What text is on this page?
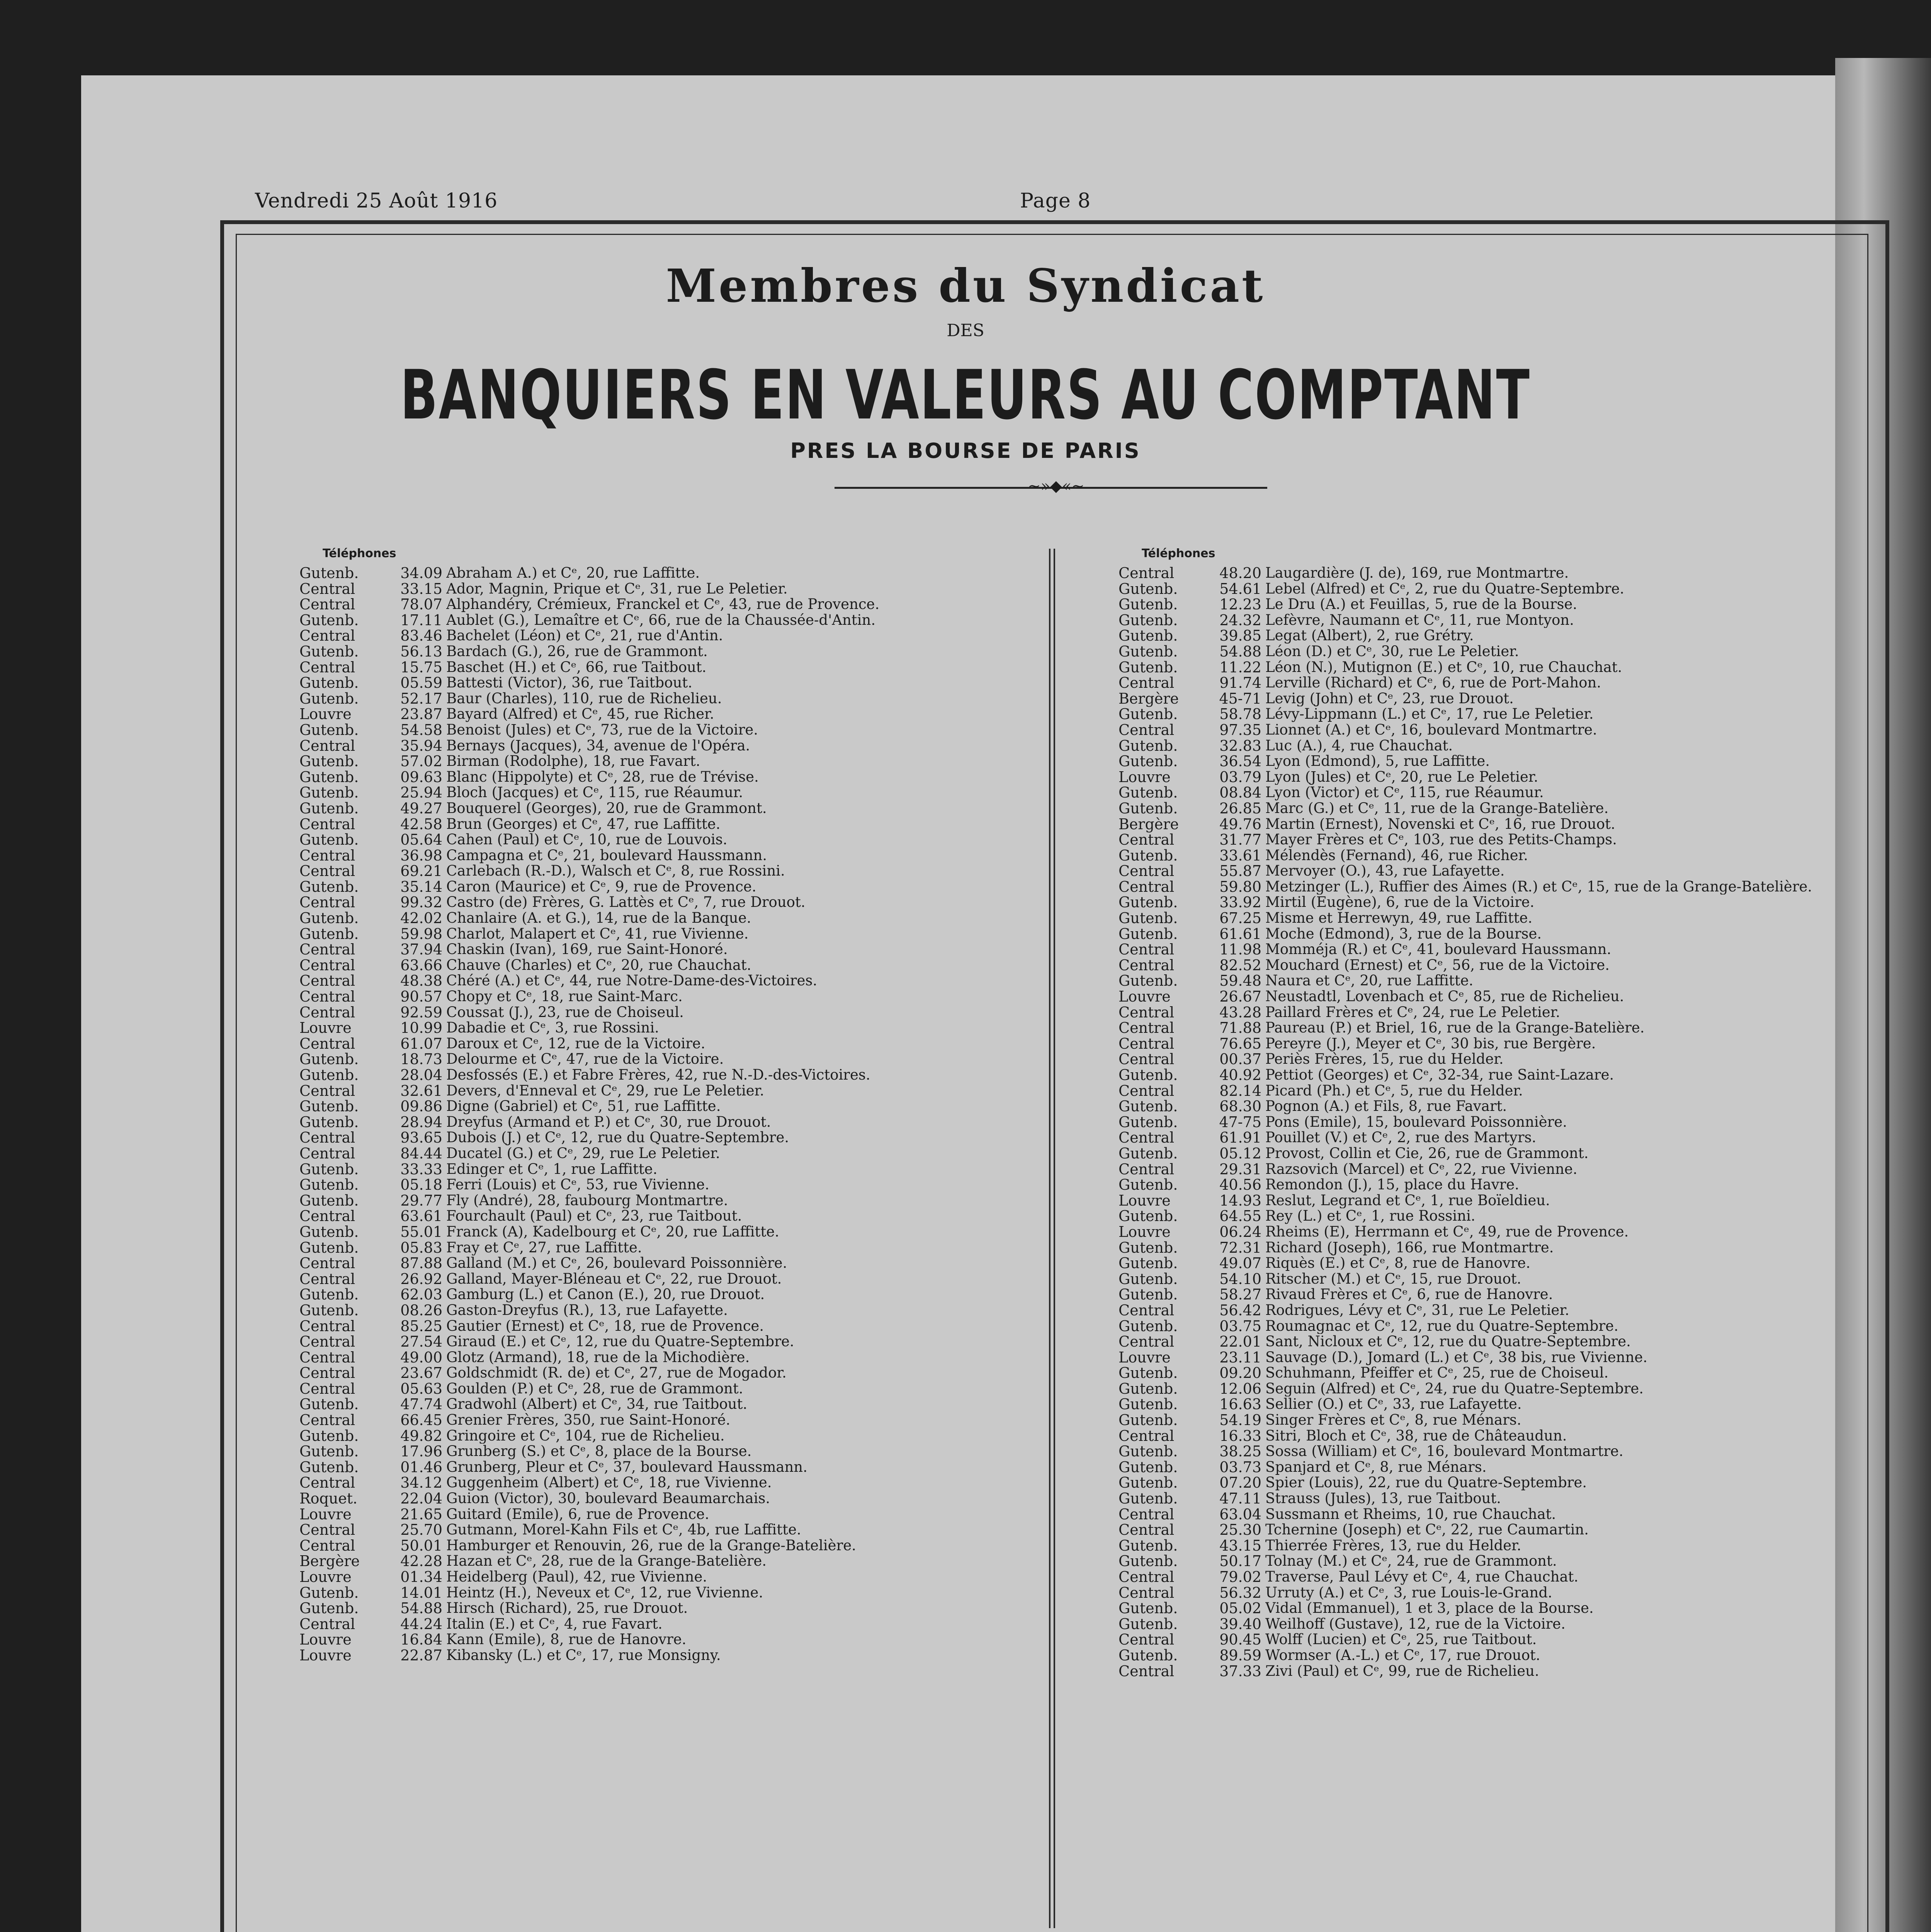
Vendredi 25 Août 1916	Page 8
Membres du Syndicat
DES
BANQUIERS EN VALEURS AU COMPTANT
PRES LA BOURSE DE PARIS
~»◆«~
Téléphones
Gutenb.	34.09 Abraham A.) et Cᵉ, 20, rue Laffitte.
Central	33.15 Ador, Magnin, Prique et Cᵉ, 31, rue Le Peletier.
Central	78.07 Alphandéry, Crémieux, Franckel et Cᵉ, 43, rue de Provence.
Gutenb.	17.11 Aublet (G.), Lemaître et Cᵉ, 66, rue de la Chaussée-d'Antin.
Central	83.46 Bachelet (Léon) et Cᵉ, 21, rue d'Antin.
Gutenb.	56.13 Bardach (G.), 26, rue de Grammont.
Central	15.75 Baschet (H.) et Cᵉ, 66, rue Taitbout.
Gutenb.	05.59 Battesti (Victor), 36, rue Taitbout.
Gutenb.	52.17 Baur (Charles), 110, rue de Richelieu.
Louvre	23.87 Bayard (Alfred) et Cᵉ, 45, rue Richer.
Gutenb.	54.58 Benoist (Jules) et Cᵉ, 73, rue de la Victoire.
Central	35.94 Bernays (Jacques), 34, avenue de l'Opéra.
Gutenb.	57.02 Birman (Rodolphe), 18, rue Favart.
Gutenb.	09.63 Blanc (Hippolyte) et Cᵉ, 28, rue de Trévise.
Gutenb.	25.94 Bloch (Jacques) et Cᵉ, 115, rue Réaumur.
Gutenb.	49.27 Bouquerel (Georges), 20, rue de Grammont.
Central	42.58 Brun (Georges) et Cᵉ, 47, rue Laffitte.
Gutenb.	05.64 Cahen (Paul) et Cᵉ, 10, rue de Louvois.
Central	36.98 Campagna et Cᵉ, 21, boulevard Haussmann.
Central	69.21 Carlebach (R.-D.), Walsch et Cᵉ, 8, rue Rossini.
Gutenb.	35.14 Caron (Maurice) et Cᵉ, 9, rue de Provence.
Central	99.32 Castro (de) Frères, G. Lattès et Cᵉ, 7, rue Drouot.
Gutenb.	42.02 Chanlaire (A. et G.), 14, rue de la Banque.
Gutenb.	59.98 Charlot, Malapert et Cᵉ, 41, rue Vivienne.
Central	37.94 Chaskin (Ivan), 169, rue Saint-Honoré.
Central	63.66 Chauve (Charles) et Cᵉ, 20, rue Chauchat.
Central	48.38 Chéré (A.) et Cᵉ, 44, rue Notre-Dame-des-Victoires.
Central	90.57 Chopy et Cᵉ, 18, rue Saint-Marc.
Central	92.59 Coussat (J.), 23, rue de Choiseul.
Louvre	10.99 Dabadie et Cᵉ, 3, rue Rossini.
Central	61.07 Daroux et Cᵉ, 12, rue de la Victoire.
Gutenb.	18.73 Delourme et Cᵉ, 47, rue de la Victoire.
Gutenb.	28.04 Desfossés (E.) et Fabre Frères, 42, rue N.-D.-des-Victoires.
Central	32.61 Devers, d'Enneval et Cᵉ, 29, rue Le Peletier.
Gutenb.	09.86 Digne (Gabriel) et Cᵉ, 51, rue Laffitte.
Gutenb.	28.94 Dreyfus (Armand et P.) et Cᵉ, 30, rue Drouot.
Central	93.65 Dubois (J.) et Cᵉ, 12, rue du Quatre-Septembre.
Central	84.44 Ducatel (G.) et Cᵉ, 29, rue Le Peletier.
Gutenb.	33.33 Edinger et Cᵉ, 1, rue Laffitte.
Gutenb.	05.18 Ferri (Louis) et Cᵉ, 53, rue Vivienne.
Gutenb.	29.77 Fly (André), 28, faubourg Montmartre.
Central	63.61 Fourchault (Paul) et Cᵉ, 23, rue Taitbout.
Gutenb.	55.01 Franck (A), Kadelbourg et Cᵉ, 20, rue Laffitte.
Gutenb.	05.83 Fray et Cᵉ, 27, rue Laffitte.
Central	87.88 Galland (M.) et Cᵉ, 26, boulevard Poissonnière.
Central	26.92 Galland, Mayer-Bléneau et Cᵉ, 22, rue Drouot.
Gutenb.	62.03 Gamburg (L.) et Canon (E.), 20, rue Drouot.
Gutenb.	08.26 Gaston-Dreyfus (R.), 13, rue Lafayette.
Central	85.25 Gautier (Ernest) et Cᵉ, 18, rue de Provence.
Central	27.54 Giraud (E.) et Cᵉ, 12, rue du Quatre-Septembre.
Central	49.00 Glotz (Armand), 18, rue de la Michodière.
Central	23.67 Goldschmidt (R. de) et Cᵉ, 27, rue de Mogador.
Central	05.63 Goulden (P.) et Cᵉ, 28, rue de Grammont.
Gutenb.	47.74 Gradwohl (Albert) et Cᵉ, 34, rue Taitbout.
Central	66.45 Grenier Frères, 350, rue Saint-Honoré.
Gutenb.	49.82 Gringoire et Cᵉ, 104, rue de Richelieu.
Gutenb.	17.96 Grunberg (S.) et Cᵉ, 8, place de la Bourse.
Gutenb.	01.46 Grunberg, Pleur et Cᵉ, 37, boulevard Haussmann.
Central	34.12 Guggenheim (Albert) et Cᵉ, 18, rue Vivienne.
Roquet.	22.04 Guion (Victor), 30, boulevard Beaumarchais.
Louvre	21.65 Guitard (Emile), 6, rue de Provence.
Central	25.70 Gutmann, Morel-Kahn Fils et Cᵉ, 4b, rue Laffitte.
Central	50.01 Hamburger et Renouvin, 26, rue de la Grange-Batelière.
Bergère	42.28 Hazan et Cᵉ, 28, rue de la Grange-Batelière.
Louvre	01.34 Heidelberg (Paul), 42, rue Vivienne.
Gutenb.	14.01 Heintz (H.), Neveux et Cᵉ, 12, rue Vivienne.
Gutenb.	54.88 Hirsch (Richard), 25, rue Drouot.
Central	44.24 Italin (E.) et Cᵉ, 4, rue Favart.
Louvre	16.84 Kann (Emile), 8, rue de Hanovre.
Louvre	22.87 Kibansky (L.) et Cᵉ, 17, rue Monsigny.
Téléphones
Central	48.20 Laugardière (J. de), 169, rue Montmartre.
Gutenb.	54.61 Lebel (Alfred) et Cᵉ, 2, rue du Quatre-Septembre.
Gutenb.	12.23 Le Dru (A.) et Feuillas, 5, rue de la Bourse.
Gutenb.	24.32 Lefèvre, Naumann et Cᵉ, 11, rue Montyon.
Gutenb.	39.85 Legat (Albert), 2, rue Grétry.
Gutenb.	54.88 Léon (D.) et Cᵉ, 30, rue Le Peletier.
Gutenb.	11.22 Léon (N.), Mutignon (E.) et Cᵉ, 10, rue Chauchat.
Central	91.74 Lerville (Richard) et Cᵉ, 6, rue de Port-Mahon.
Bergère	45-71 Levig (John) et Cᵉ, 23, rue Drouot.
Gutenb.	58.78 Lévy-Lippmann (L.) et Cᵉ, 17, rue Le Peletier.
Central	97.35 Lionnet (A.) et Cᵉ, 16, boulevard Montmartre.
Gutenb.	32.83 Luc (A.), 4, rue Chauchat.
Gutenb.	36.54 Lyon (Edmond), 5, rue Laffitte.
Louvre	03.79 Lyon (Jules) et Cᵉ, 20, rue Le Peletier.
Gutenb.	08.84 Lyon (Victor) et Cᵉ, 115, rue Réaumur.
Gutenb.	26.85 Marc (G.) et Cᵉ, 11, rue de la Grange-Batelière.
Bergère	49.76 Martin (Ernest), Novenski et Cᵉ, 16, rue Drouot.
Central	31.77 Mayer Frères et Cᵉ, 103, rue des Petits-Champs.
Gutenb.	33.61 Mélendès (Fernand), 46, rue Richer.
Central	55.87 Mervoyer (O.), 43, rue Lafayette.
Central	59.80 Metzinger (L.), Ruffier des Aimes (R.) et Cᵉ, 15, rue de la Grange-Batelière.
Gutenb.	33.92 Mirtil (Eugène), 6, rue de la Victoire.
Gutenb.	67.25 Misme et Herrewyn, 49, rue Laffitte.
Gutenb.	61.61 Moche (Edmond), 3, rue de la Bourse.
Central	11.98 Momméja (R.) et Cᵉ, 41, boulevard Haussmann.
Central	82.52 Mouchard (Ernest) et Cᵉ, 56, rue de la Victoire.
Gutenb.	59.48 Naura et Cᵉ, 20, rue Laffitte.
Louvre	26.67 Neustadtl, Lovenbach et Cᵉ, 85, rue de Richelieu.
Central	43.28 Paillard Frères et Cᵉ, 24, rue Le Peletier.
Central	71.88 Paureau (P.) et Briel, 16, rue de la Grange-Batelière.
Central	76.65 Pereyre (J.), Meyer et Cᵉ, 30 bis, rue Bergère.
Central	00.37 Periès Frères, 15, rue du Helder.
Gutenb.	40.92 Pettiot (Georges) et Cᵉ, 32-34, rue Saint-Lazare.
Central	82.14 Picard (Ph.) et Cᵉ, 5, rue du Helder.
Gutenb.	68.30 Pognon (A.) et Fils, 8, rue Favart.
Gutenb.	47-75 Pons (Emile), 15, boulevard Poissonnière.
Central	61.91 Pouillet (V.) et Cᵉ, 2, rue des Martyrs.
Gutenb.	05.12 Provost, Collin et Cie, 26, rue de Grammont.
Central	29.31 Razsovich (Marcel) et Cᵉ, 22, rue Vivienne.
Gutenb.	40.56 Remondon (J.), 15, place du Havre.
Louvre	14.93 Reslut, Legrand et Cᵉ, 1, rue Boïeldieu.
Gutenb.	64.55 Rey (L.) et Cᵉ, 1, rue Rossini.
Louvre	06.24 Rheims (E), Herrmann et Cᵉ, 49, rue de Provence.
Gutenb.	72.31 Richard (Joseph), 166, rue Montmartre.
Gutenb.	49.07 Riquès (E.) et Cᵉ, 8, rue de Hanovre.
Gutenb.	54.10 Ritscher (M.) et Cᵉ, 15, rue Drouot.
Gutenb.	58.27 Rivaud Frères et Cᵉ, 6, rue de Hanovre.
Central	56.42 Rodrigues, Lévy et Cᵉ, 31, rue Le Peletier.
Gutenb.	03.75 Roumagnac et Cᵉ, 12, rue du Quatre-Septembre.
Central	22.01 Sant, Nicloux et Cᵉ, 12, rue du Quatre-Septembre.
Louvre	23.11 Sauvage (D.), Jomard (L.) et Cᵉ, 38 bis, rue Vivienne.
Gutenb.	09.20 Schuhmann, Pfeiffer et Cᵉ, 25, rue de Choiseul.
Gutenb.	12.06 Seguin (Alfred) et Cᵉ, 24, rue du Quatre-Septembre.
Gutenb.	16.63 Sellier (O.) et Cᵉ, 33, rue Lafayette.
Gutenb.	54.19 Singer Frères et Cᵉ, 8, rue Ménars.
Central	16.33 Sitri, Bloch et Cᵉ, 38, rue de Châteaudun.
Gutenb.	38.25 Sossa (William) et Cᵉ, 16, boulevard Montmartre.
Gutenb.	03.73 Spanjard et Cᵉ, 8, rue Ménars.
Gutenb.	07.20 Spier (Louis), 22, rue du Quatre-Septembre.
Gutenb.	47.11 Strauss (Jules), 13, rue Taitbout.
Central	63.04 Sussmann et Rheims, 10, rue Chauchat.
Central	25.30 Tchernine (Joseph) et Cᵉ, 22, rue Caumartin.
Gutenb.	43.15 Thierrée Frères, 13, rue du Helder.
Gutenb.	50.17 Tolnay (M.) et Cᵉ, 24, rue de Grammont.
Central	79.02 Traverse, Paul Lévy et Cᵉ, 4, rue Chauchat.
Central	56.32 Urruty (A.) et Cᵉ, 3, rue Louis-le-Grand.
Gutenb.	05.02 Vidal (Emmanuel), 1 et 3, place de la Bourse.
Gutenb.	39.40 Weilhoff (Gustave), 12, rue de la Victoire.
Central	90.45 Wolff (Lucien) et Cᵉ, 25, rue Taitbout.
Gutenb.	89.59 Wormser (A.-L.) et Cᵉ, 17, rue Drouot.
Central	37.33 Zivi (Paul) et Cᵉ, 99, rue de Richelieu.
